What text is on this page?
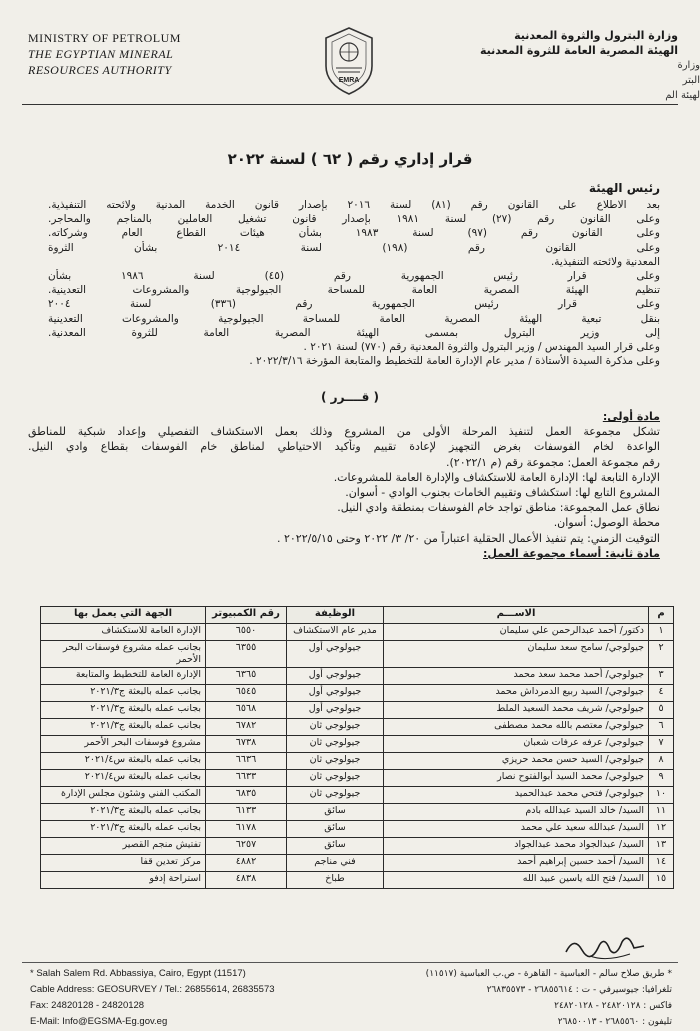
MINISTRY OF PETROLUM
THE EGYPTIAN MINERAL
RESOURCES AUTHORITY
EMRA
وزارة البترول والثروة المعدنية
الهيئة المصرية العامة للثروة المعدنية
وزارة البتر
لهيئة الم
قرار إداري رقم ( ٦٢ ) لسنة ٢٠٢٢
رئيس الهيئة
بعد الاطلاع على القانون رقم (٨١) لسنة ٢٠١٦ بإصدار قانون الخدمة المدنية ولائحته التنفيذية.
وعلى القانون رقم (٢٧) لسنة ١٩٨١ بإصدار قانون تشغيل العاملين بالمناجم والمحاجر.
وعلى القانون رقم (٩٧) لسنة ١٩٨٣ بشأن هيئات القطاع العام وشركاته.
وعلى القانون رقم (١٩٨) لسنة ٢٠١٤ بشأن الثروة
المعدنية ولائحته التنفيذية.
وعلى قرار رئيس الجمهورية رقم (٤٥) لسنة ١٩٨٦ بشأن
تنظيم الهيئة المصرية العامة للمساحة الجيولوجية والمشروعات التعدينية.
وعلى قرار رئيس الجمهورية رقم (٣٣٦) لسنة ٢٠٠٤
بنقل تبعية الهيئة المصرية العامة للمساحة الجيولوجية والمشروعات التعدينية
إلى وزير البترول بمسمى الهيئة المصرية العامة للثروة المعدنية.
وعلى قرار السيد المهندس / وزير البترول والثروة المعدنية رقم (٧٧٠) لسنة ٢٠٢١ .
وعلى مذكرة السيدة الأستاذة / مدير عام الإدارة العامة للتخطيط والمتابعة المؤرخة ٢٠٢٢/٣/١٦ .
( قــــرر )
مادة أولى:
تشكل مجموعة العمل لتنفيذ المرحلة الأولى من المشروع وذلك بعمل الاستكشاف التفصيلي وإعداد شبكية للمناطق
الواعدة لخام الفوسفات بغرض التجهيز لإعادة تقييم وتأكيد الاحتياطي لمناطق خام الفوسفات بقطاع وادي النيل.
رقم مجموعة العمل: مجموعة رقم (م ٢٠٢٢/١).
الإدارة التابعة لها: الإدارة العامة للاستكشاف والإدارة العامة للمشروعات.
المشروع التابع لها: استكشاف وتقييم الخامات بجنوب الوادي - أسوان.
نطاق عمل المجموعة: مناطق تواجد خام الفوسفات بمنطقة وادي النيل.
محطة الوصول: أسوان.
التوقيت الزمني: يتم تنفيذ الأعمال الحقلية اعتباراً من ٢٠/ ٣/ ٢٠٢٢ وحتى ٢٠٢٢/٥/١٥ .
مادة ثانية: أسماء مجموعة العمل:
م	الاســـم	الوظيفة	رقم الكمبيوتر	الجهة التي يعمل بها
١	دكتور/ أحمد عبدالرحمن علي سليمان	مدير عام الاستكشاف	٦٥٥٠	الإدارة العامة للاستكشاف
٢	جيولوجي/ سامح سعد سليمان	جيولوجي أول	٦٣٥٥	بجانب عمله مشروع فوسفات البحر الأحمر
٣	جيولوجي/ أحمد محمد سعد محمد	جيولوجي أول	٦٣٦٥	الإدارة العامة للتخطيط والمتابعة
٤	جيولوجي/ السيد ربيع الدمرداش محمد	جيولوجي أول	٦٥٤٥	بجانب عمله بالبعثة ج٢٠٢١/٣
٥	جيولوجي/ شريف محمد السعيد الملط	جيولوجي أول	٦٥٦٨	بجانب عمله بالبعثة ج٢٠٢١/٣
٦	جيولوجي/ معتصم بالله محمد مصطفى	جيولوجي ثان	٦٧٨٢	بجانب عمله بالبعثة ج٢٠٢١/٣
٧	جيولوجي/ عرفه عرفات شعبان	جيولوجي ثان	٦٧٣٨	مشروع فوسفات البحر الأحمر
٨	جيولوجي/ السيد حسن محمد حريزي	جيولوجي ثان	٦٦٣٦	بجانب عمله بالبعثة س٢٠٢١/٤
٩	جيولوجي/ محمد السيد أبوالفتوح نصار	جيولوجي ثان	٦٦٣٣	بجانب عمله بالبعثة س٢٠٢١/٤
١٠	جيولوجي/ فتحي محمد عبدالحميد	جيولوجي ثان	٦٨٣٥	المكتب الفني وشئون مجلس الإدارة
١١	السيد/ خالد السيد عبدالله بادم	سائق	٦١٣٣	بجانب عمله بالبعثة ج٢٠٢١/٣
١٢	السيد/ عبدالله سعيد علي محمد	سائق	٦١٧٨	بجانب عمله بالبعثة ج٢٠٢١/٣
١٣	السيد/ عبدالجواد محمد عبدالجواد	سائق	٦٢٥٧	تفتيش منجم القصير
١٤	السيد/ أحمد حسين إبراهيم أحمد	فني مناجم	٤٨٨٢	مركز تعدين قفا
١٥	السيد/ فتح الله ياسين عبيد الله	طباخ	٤٨٣٨	استراحة إدفو
* Salah Salem Rd. Abbassiya, Cairo, Egypt (11517)
Cable Address: GEOSURVEY / Tel.: 26855614, 26835573
Fax: 24820128 - 24820128
E-Mail: Info@EGSMA-Eg.gov.eg
* طريق صلاح سالم - العباسية - القاهرة - ص.ب العباسية (١١٥١٧)
تلغرافيا: جيوسيرفي - ت : ٢٦٨٥٥٦١٤ - ٢٦٨٣٥٥٧٣
فاكس : ٢٤٨٢٠١٢٨ - ٢٤٨٢٠١٢٨
تليفون : ٢٦٨٥٥٦٠ - ٢٦٨٥٠٠١٣
